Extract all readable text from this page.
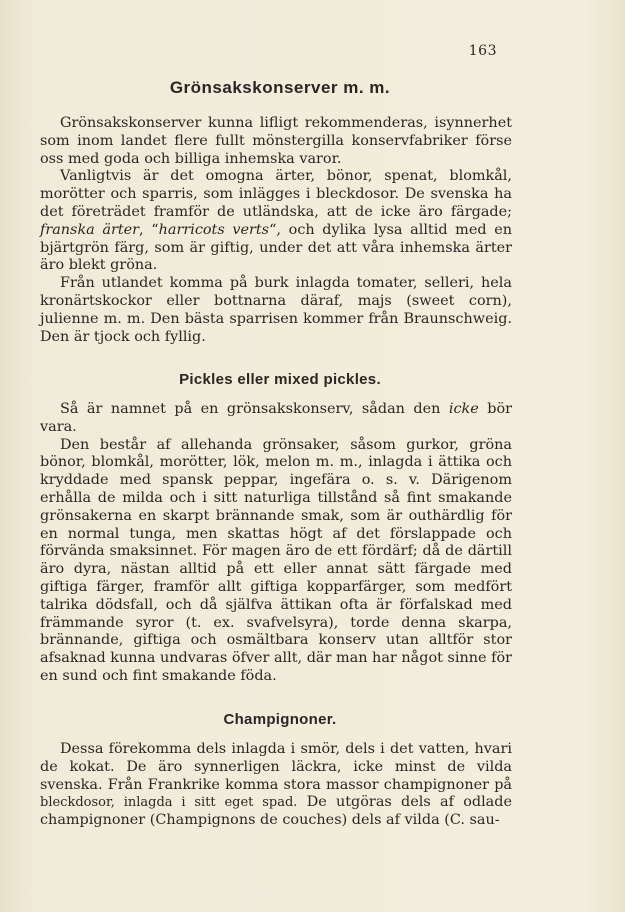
163
Grönsakskonserver m. m.

Grönsakskonserver kunna lifligt rekommenderas, isynnerhet som inom landet flere fullt mönstergilla konservfabriker förse oss med goda och billiga inhemska varor.

Vanligtvis är det omogna ärter, bönor, spenat, blomkål, morötter och sparris, som inlägges i bleckdosor. De svenska ha det företrädet framför de utländska, att de icke äro färgade; franska ärter, “harricots verts“, och dylika lysa alltid med en bjärtgrön färg, som är giftig, under det att våra inhemska ärter äro blekt gröna.

Från utlandet komma på burk inlagda tomater, selleri, hela kronärtskockor eller bottnarna däraf, majs (sweet corn), julienne m. m. Den bästa sparrisen kommer från Braunschweig. Den är tjock och fyllig.

Pickles eller mixed pickles.

Så är namnet på en grönsakskonserv, sådan den icke bör vara.

Den består af allehanda grönsaker, såsom gurkor, gröna bönor, blomkål, morötter, lök, melon m. m., inlagda i ättika och kryddade med spansk peppar, ingefära o. s. v. Därigenom erhålla de milda och i sitt naturliga tillstånd så fint smakande grönsakerna en skarpt brännande smak, som är outhärdlig för en normal tunga, men skattas högt af det förslappade och förvända smaksinnet. För magen äro de ett fördärf; då de därtill äro dyra, nästan alltid på ett eller annat sätt färgade med giftiga färger, framför allt giftiga kopparfärger, som medfört talrika dödsfall, och då själfva ättikan ofta är förfalskad med främmande syror (t. ex. svafvelsyra), torde denna skarpa, brännande, giftiga och osmältbara konserv utan alltför stor afsaknad kunna undvaras öfver allt, där man har något sinne för en sund och fint smakande föda.

Champignoner.

Dessa förekomma dels inlagda i smör, dels i det vatten, hvari de kokat. De äro synnerligen läckra, icke minst de vilda svenska. Från Frankrike komma stora massor champignoner på bleckdosor, inlagda i sitt eget spad. De utgöras dels af odlade champignoner (Champignons de couches) dels af vilda (C. sau-
